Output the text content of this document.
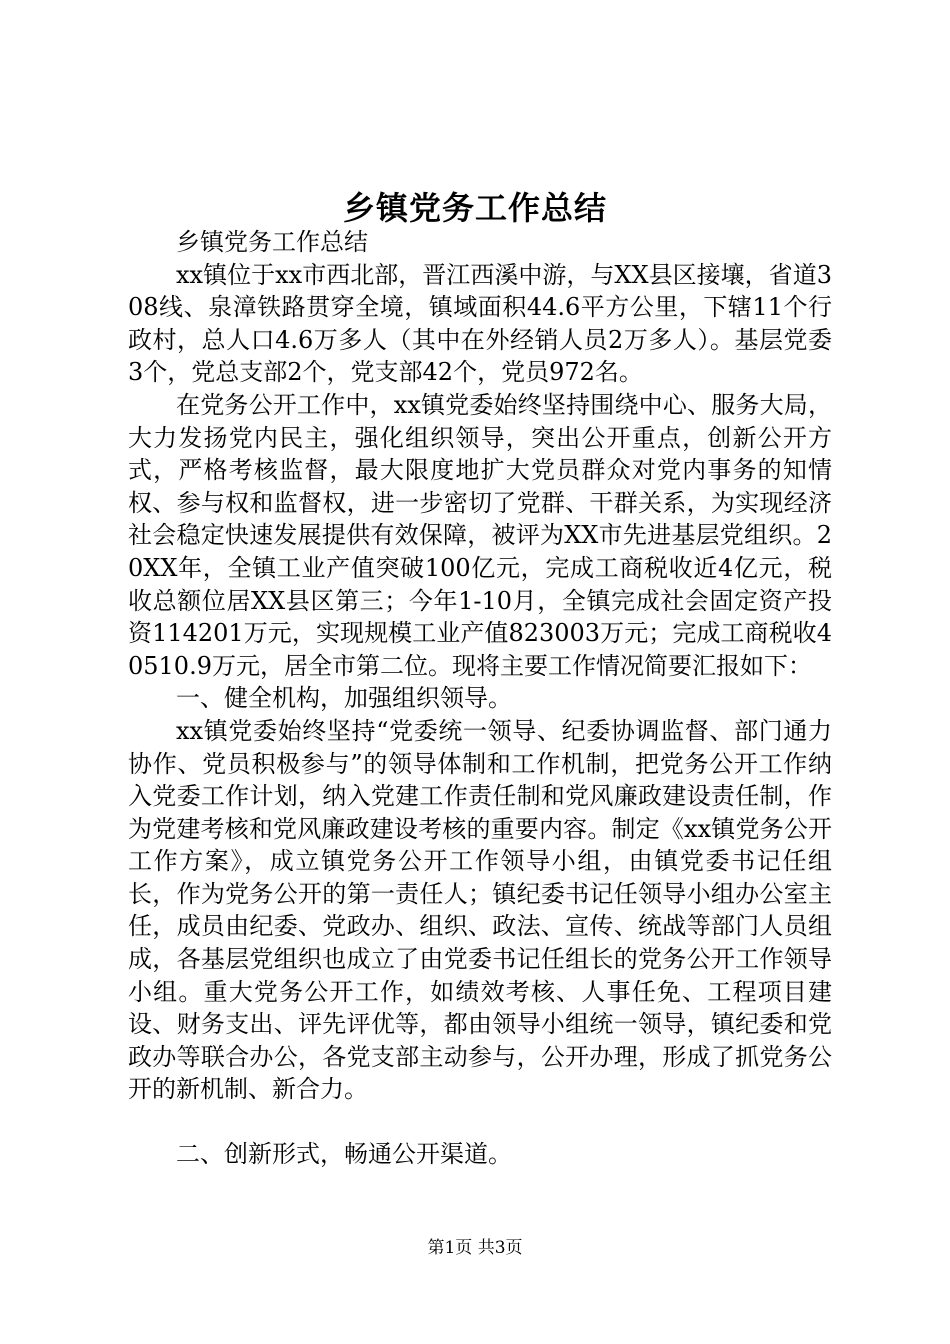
乡镇党务工作总结

乡镇党务工作总结

xx镇位于xx市西北部，晋江西溪中游，与XX县区接壤，省道308线、泉漳铁路贯穿全境，镇域面积44.6平方公里，下辖11个行政村，总人口4.6万多人（其中在外经销人员2万多人）。基层党委3个，党总支部2个，党支部42个，党员972名。

在党务公开工作中，xx镇党委始终坚持围绕中心、服务大局，大力发扬党内民主，强化组织领导，突出公开重点，创新公开方式，严格考核监督，最大限度地扩大党员群众对党内事务的知情权、参与权和监督权，进一步密切了党群、干群关系，为实现经济社会稳定快速发展提供有效保障，被评为XX市先进基层党组织。20XX年，全镇工业产值突破100亿元，完成工商税收近4亿元，税收总额位居XX县区第三；今年1-10月，全镇完成社会固定资产投资114201万元，实现规模工业产值823003万元；完成工商税收40510.9万元，居全市第二位。现将主要工作情况简要汇报如下：

一、健全机构，加强组织领导。

xx镇党委始终坚持“党委统一领导、纪委协调监督、部门通力协作、党员积极参与”的领导体制和工作机制，把党务公开工作纳入党委工作计划，纳入党建工作责任制和党风廉政建设责任制，作为党建考核和党风廉政建设考核的重要内容。制定《xx镇党务公开工作方案》，成立镇党务公开工作领导小组，由镇党委书记任组长，作为党务公开的第一责任人；镇纪委书记任领导小组办公室主任，成员由纪委、党政办、组织、政法、宣传、统战等部门人员组成，各基层党组织也成立了由党委书记任组长的党务公开工作领导小组。重大党务公开工作，如绩效考核、人事任免、工程项目建设、财务支出、评先评优等，都由领导小组统一领导，镇纪委和党政办等联合办公，各党支部主动参与，公开办理，形成了抓党务公开的新机制、新合力。

二、创新形式，畅通公开渠道。

第1页 共3页
